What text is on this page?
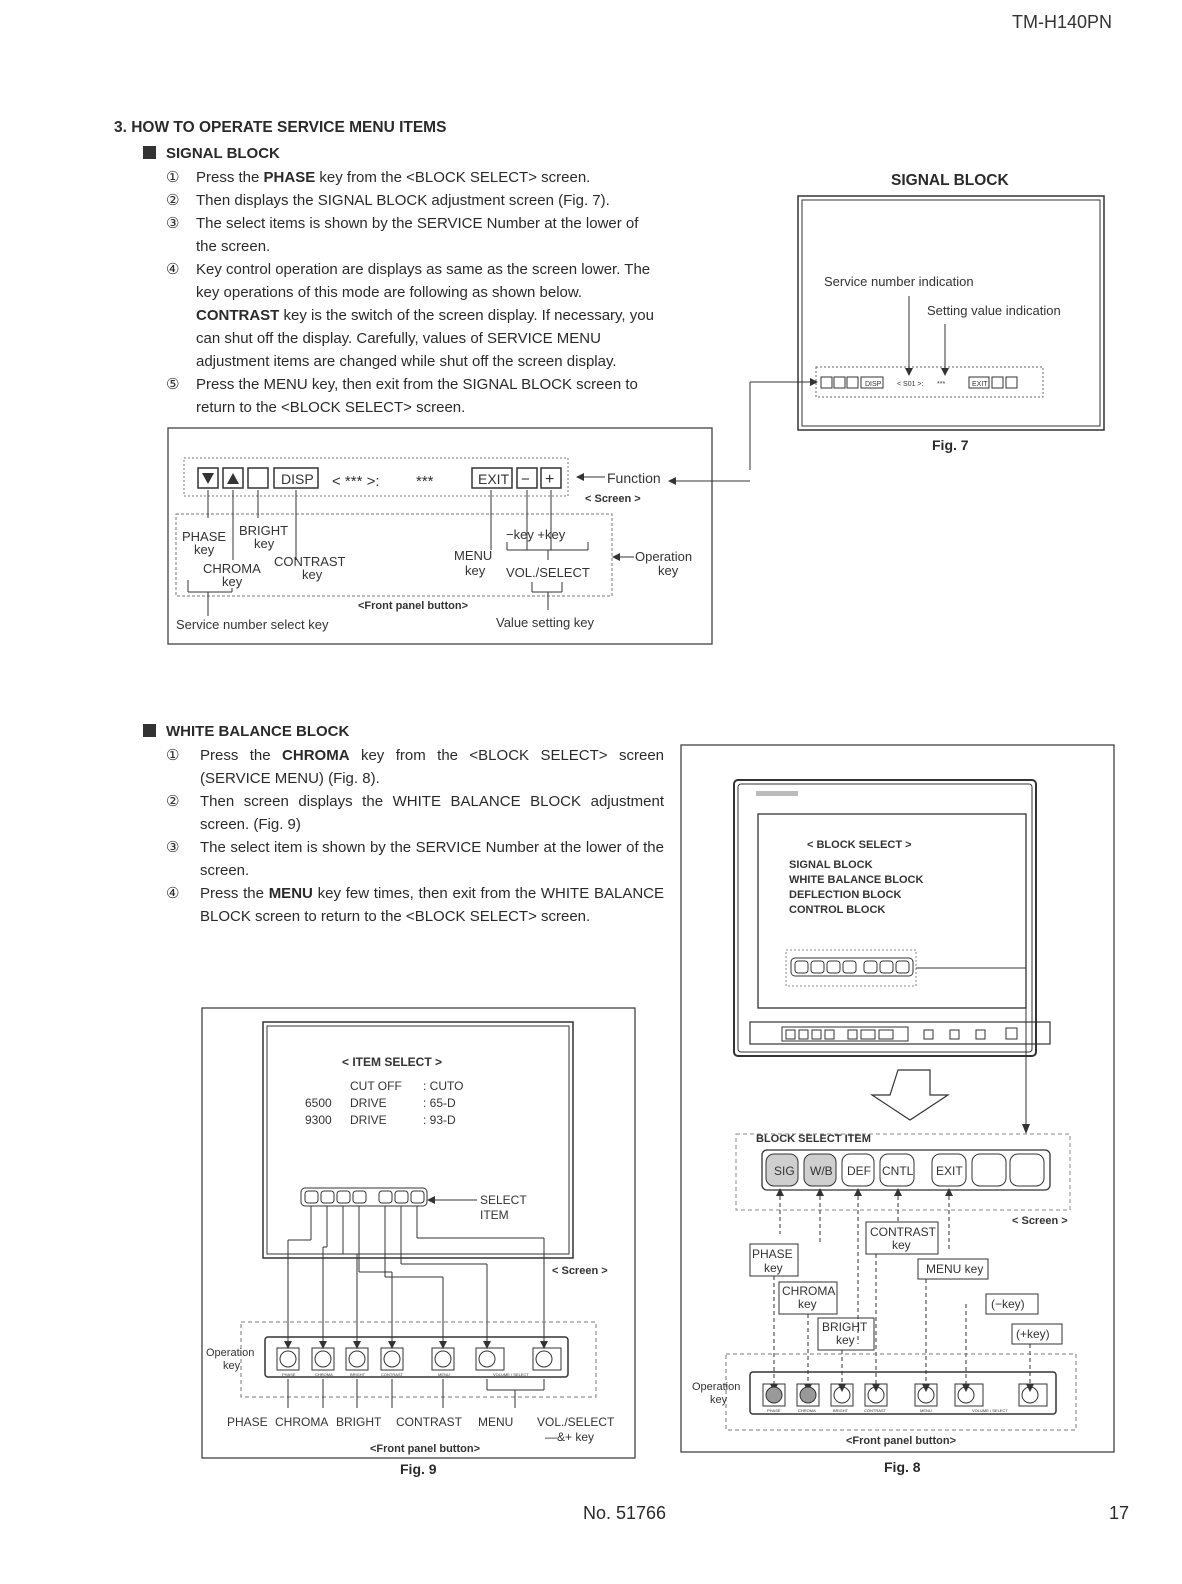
TM-H140PN
3. HOW TO OPERATE SERVICE MENU ITEMS
SIGNAL BLOCK

① Press the PHASE key from the <BLOCK SELECT> screen.

② Then displays the SIGNAL BLOCK adjustment screen (Fig. 7).

③ The select items is shown by the SERVICE Number at the lower of the screen.

④ Key control operation are displays as same as the screen lower. The key operations of this mode are following as shown below. CONTRAST key is the switch of the screen display. If necessary, you can shut off the display. Carefully, values of SERVICE MENU adjustment items are changed while shut off the screen display.

⑤ Press the MENU key, then exit from the SIGNAL BLOCK screen to return to the <BLOCK SELECT> screen.

SIGNAL BLOCK
Service number indication
Setting value indication
DISP < S01 >: ***	EXIT
Fig. 7
DISP < *** >: ***	EXIT − +	Function
< Screen >
PHASE
key
BRIGHT
key
CHROMA
key
CONTRAST
key
−key +key
MENU
key VOL./SELECT
Operation
key
<Front panel button>
Service number select key	Value setting key
WHITE BALANCE BLOCK

① Press the CHROMA key from the <BLOCK SELECT> screen (SERVICE MENU) (Fig. 8).

② Then screen displays the WHITE BALANCE BLOCK adjustment screen. (Fig. 9)

③ The select item is shown by the SERVICE Number at the lower of the screen.

④ Press the MENU key few times, then exit from the WHITE BALANCE BLOCK screen to return to the <BLOCK SELECT> screen.

< ITEM SELECT >
CUT OFF : CUTO
6500 DRIVE	: 65-D
9300 DRIVE	: 93-D
SELECT
ITEM
< Screen >
PHASE	CHROMA	BRIGHT	CONTRAST	MENU	VOLUME / SELECT
Operation
key
PHASE CHROMA BRIGHT CONTRAST MENU VOL./SELECT
—&+ key
<Front panel button>
Fig. 9
< BLOCK SELECT >
SIGNAL BLOCK
WHITE BALANCE BLOCK
DEFLECTION BLOCK
CONTROL BLOCK
BLOCK SELECT ITEM
SIG W/B DEF CNTL EXIT
< Screen >
CONTRAST
key
PHASE
key	MENU key
CHROMA
key	(−key)
BRIGHT
key	(+key)
PHASE	CHROMA	BRIGHT	CONTRAST	MENU	VOLUME / SELECT
Operation
key
<Front panel button>
Fig. 8
No. 51766	17
